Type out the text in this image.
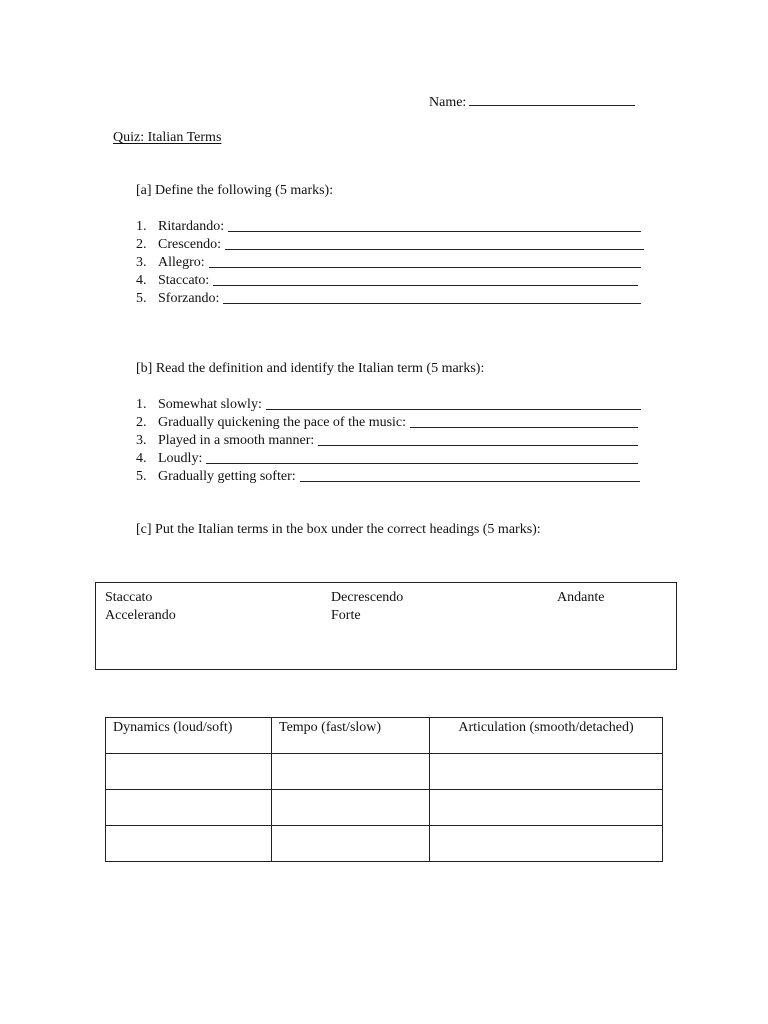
Name:
Quiz: Italian Terms
[a] Define the following (5 marks):
1. Ritardando:
2. Crescendo:
3. Allegro:
4. Staccato:
5. Sforzando:
[b] Read the definition and identify the Italian term (5 marks):
1. Somewhat slowly:
2. Gradually quickening the pace of the music:
3. Played in a smooth manner:
4. Loudly:
5. Gradually getting softer:
[c] Put the Italian terms in the box under the correct headings (5 marks):
Staccato	Decrescendo	Andante
Accelerando	Forte
Dynamics (loud/soft)	Tempo (fast/slow)	Articulation (smooth/detached)
